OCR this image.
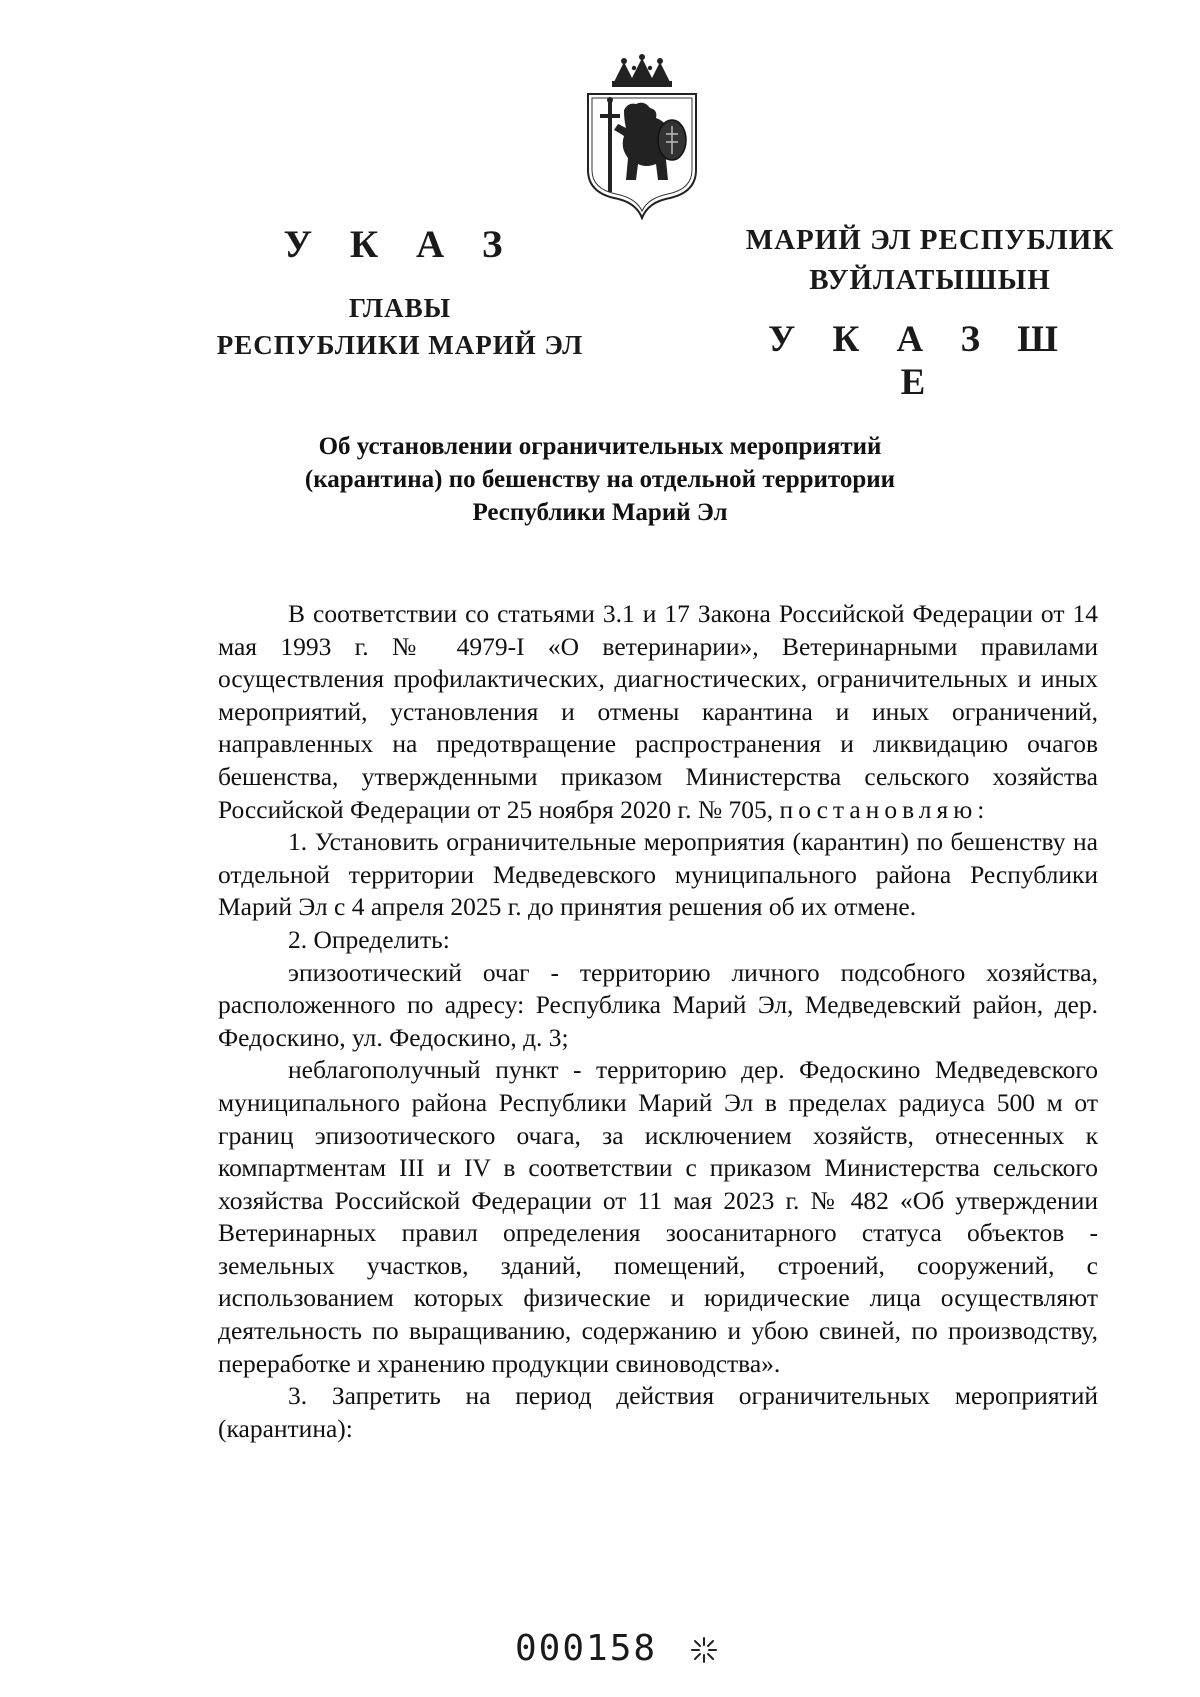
У К А З
ГЛАВЫ
РЕСПУБЛИКИ МАРИЙ ЭЛ
МАРИЙ ЭЛ РЕСПУБЛИК
ВУЙЛАТЫШЫН
У К А З Ш Е
Об установлении ограничительных мероприятий
(карантина) по бешенству на отдельной территории
Республики Марий Эл

В соответствии со статьями 3.1 и 17 Закона Российской Федерации от 14 мая 1993 г. № 4979-I «О ветеринарии», Ветеринарными правилами осуществления профилактических, диагностических, ограничительных и иных мероприятий, установления и отмены карантина и иных ограничений, направленных на предотвращение распространения и ликвидацию очагов бешенства, утвержденными приказом Министерства сельского хозяйства Российской Федерации от 25 ноября 2020 г. № 705, постановляю:

1. Установить ограничительные мероприятия (карантин) по бешенству на отдельной территории Медведевского муниципального района Республики Марий Эл с 4 апреля 2025 г. до принятия решения об их отмене.

2. Определить:

эпизоотический очаг - территорию личного подсобного хозяйства, расположенного по адресу: Республика Марий Эл, Медведевский район, дер. Федоскино, ул. Федоскино, д. 3;

неблагополучный пункт - территорию дер. Федоскино Медведевского муниципального района Республики Марий Эл в пределах радиуса 500 м от границ эпизоотического очага, за исключением хозяйств, отнесенных к компартментам III и IV в соответствии с приказом Министерства сельского хозяйства Российской Федерации от 11 мая 2023 г. № 482 «Об утверждении Ветеринарных правил определения зоосанитарного статуса объектов - земельных участков, зданий, помещений, строений, сооружений, с использованием которых физические и юридические лица осуществляют деятельность по выращиванию, содержанию и убою свиней, по производству, переработке и хранению продукции свиноводства».

3. Запретить на период действия ограничительных мероприятий (карантина):

000158
